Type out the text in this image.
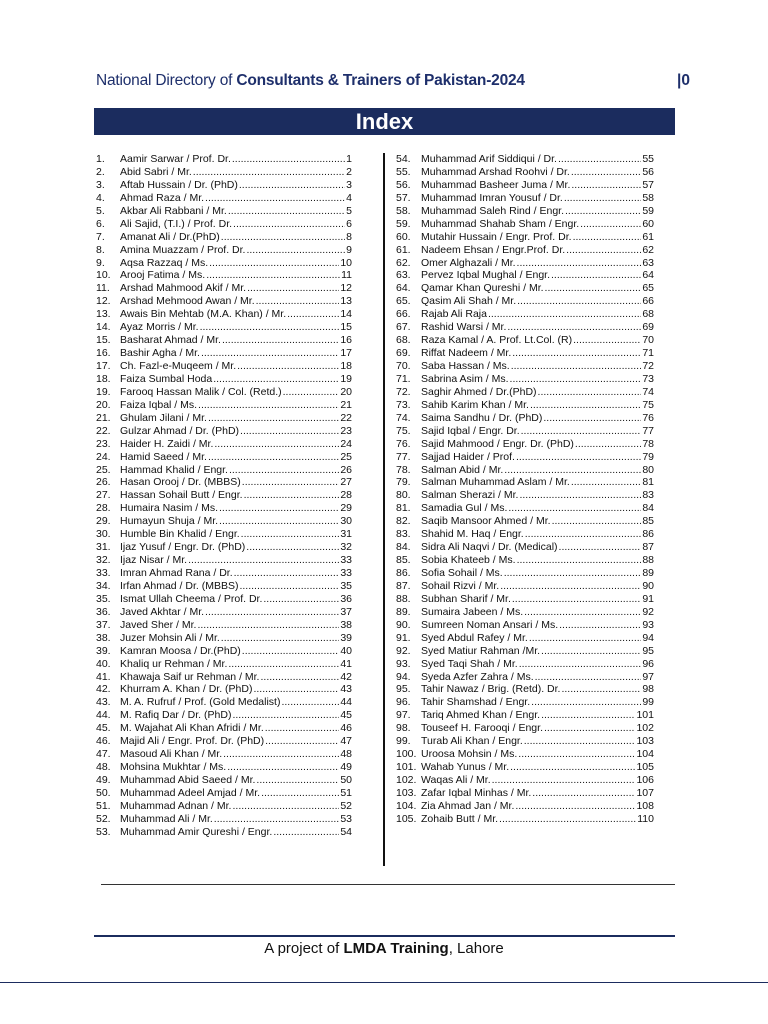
National Directory of Consultants & Trainers of Pakistan-2024	|0
Index
1.	Aamir Sarwar / Prof. Dr. .....	1
2.	Abid Sabri / Mr. .....	2
3.	Aftab Hussain / Dr. (PhD) .....	3
4.	Ahmad Raza / Mr. .....	4
5.	Akbar Ali Rabbani / Mr. .....	5
6.	Ali Sajid, (T.I.) / Prof. Dr. .....	6
7.	Amanat Ali / Dr.(PhD) .....	8
8.	Amina Muazzam / Prof. Dr. .....	9
9.	Aqsa Razzaq / Ms. .....	10
10. Arooj Fatima / Ms. .....	11
11. Arshad Mahmood Akif / Mr. .....	12
12. Arshad Mehmood Awan / Mr. .....	13
13. Awais Bin Mehtab (M.A. Khan) / Mr. .....	14
14. Ayaz Morris / Mr. .....	15
15. Basharat Ahmad / Mr. .....	16
16. Bashir Agha / Mr. .....	17
17. Ch. Fazl-e-Muqeem / Mr. .....	18
18. Faiza Sumbal Hoda .....	19
19. Farooq Hassan Malik / Col. (Retd.) .....	20
20. Faiza Iqbal / Ms. .....	21
21. Ghulam Jilani / Mr. .....	22
22. Gulzar Ahmad / Dr. (PhD) .....	23
23. Haider H. Zaidi / Mr. .....	24
24. Hamid Saeed / Mr. .....	25
25. Hammad Khalid / Engr. .....	26
26. Hasan Orooj / Dr. (MBBS) .....	27
27. Hassan Sohail Butt / Engr. .....	28
28. Humaira Nasim / Ms. .....	29
29. Humayun Shuja / Mr. .....	30
30. Humble Bin Khalid / Engr. .....	31
31. Ijaz Yusuf / Engr. Dr. (PhD) .....	32
32. Ijaz Nisar / Mr. .....	33
33. Imran Ahmad Rana / Dr. .....	33
34. Irfan Ahmad / Dr. (MBBS) .....	35
35. Ismat Ullah Cheema / Prof. Dr. .....	36
36. Javed Akhtar / Mr. .....	37
37. Javed Sher / Mr. .....	38
38. Juzer Mohsin Ali / Mr. .....	39
39. Kamran Moosa / Dr.(PhD) .....	40
40. Khaliq ur Rehman / Mr. .....	41
41. Khawaja Saif ur Rehman / Mr. .....	42
42. Khurram A. Khan / Dr. (PhD) .....	43
43. M. A. Rufruf / Prof. (Gold Medalist) .....	44
44. M. Rafiq Dar / Dr. (PhD) .....	45
45. M. Wajahat Ali Khan Afridi / Mr. .....	46
46. Majid Ali / Engr. Prof. Dr. (PhD) .....	47
47. Masoud Ali Khan / Mr. .....	48
48. Mohsina Mukhtar / Ms. .....	49
49. Muhammad Abid Saeed / Mr. .....	50
50. Muhammad Adeel Amjad / Mr. .....	51
51. Muhammad Adnan / Mr. .....	52
52. Muhammad Ali / Mr. .....	53
53. Muhammad Amir Qureshi / Engr. .....	54
54. Muhammad Arif Siddiqui / Dr. .....	55
55. Muhammad Arshad Roohvi / Dr. .....	56
56. Muhammad Basheer Juma / Mr. .....	57
57. Muhammad Imran Yousuf / Dr. .....	58
58. Muhammad Saleh Rind / Engr. .....	59
59. Muhammad Shahab Sham / Engr. .....	60
60. Mutahir Hussain / Engr. Prof. Dr. .....	61
61. Nadeem Ehsan / Engr.Prof. Dr. .....	62
62. Omer Alghazali / Mr. .....	63
63. Pervez Iqbal Mughal / Engr. .....	64
64. Qamar Khan Qureshi / Mr. .....	65
65. Qasim Ali Shah / Mr. .....	66
66. Rajab Ali Raja .....	68
67. Rashid Warsi / Mr. .....	69
68. Raza Kamal / A. Prof. Lt.Col. (R) .....	70
69. Riffat Nadeem / Mr. .....	71
70. Saba Hassan / Ms. .....	72
71. Sabrina Asim / Ms. .....	73
72. Saghir Ahmed / Dr.(PhD) .....	74
73. Sahib Karim Khan / Mr. .....	75
74. Saima Sandhu / Dr. (PhD) .....	76
75. Sajid Iqbal / Engr. Dr. .....	77
76. Sajid Mahmood / Engr. Dr. (PhD) .....	78
77. Sajjad Haider / Prof. .....	79
78. Salman Abid / Mr. .....	80
79. Salman Muhammad Aslam / Mr. .....	81
80. Salman Sherazi / Mr. .....	83
81. Samadia Gul / Ms. .....	84
82. Saqib Mansoor Ahmed / Mr. .....	85
83. Shahid M. Haq / Engr. .....	86
84. Sidra Ali Naqvi / Dr. (Medical) .....	87
85. Sobia Khateeb / Ms. .....	88
86. Sofia Sohail / Ms. .....	89
87. Sohail Rizvi / Mr. .....	90
88. Subhan Sharif / Mr. .....	91
89. Sumaira Jabeen / Ms. .....	92
90. Sumreen Noman Ansari / Ms. .....	93
91. Syed Abdul Rafey / Mr. .....	94
92. Syed Matiur Rahman /Mr. .....	95
93. Syed Taqi Shah / Mr. .....	96
94. Syeda Azfer Zahra / Ms. .....	97
95. Tahir Nawaz / Brig. (Retd). Dr. .....	98
96. Tahir Shamshad / Engr. .....	99
97. Tariq Ahmed Khan / Engr. .....	101
98. Touseef H. Farooqi / Engr. .....	102
99. Turab Ali Khan / Engr. .....	103
100. Uroosa Mohsin / Ms. .....	104
101. Wahab Yunus / Mr. .....	105
102. Waqas Ali / Mr. .....	106
103. Zafar Iqbal Minhas / Mr. .....	107
104. Zia Ahmad Jan / Mr. .....	108
105. Zohaib Butt / Mr. .....	110
A project of LMDA Training, Lahore
